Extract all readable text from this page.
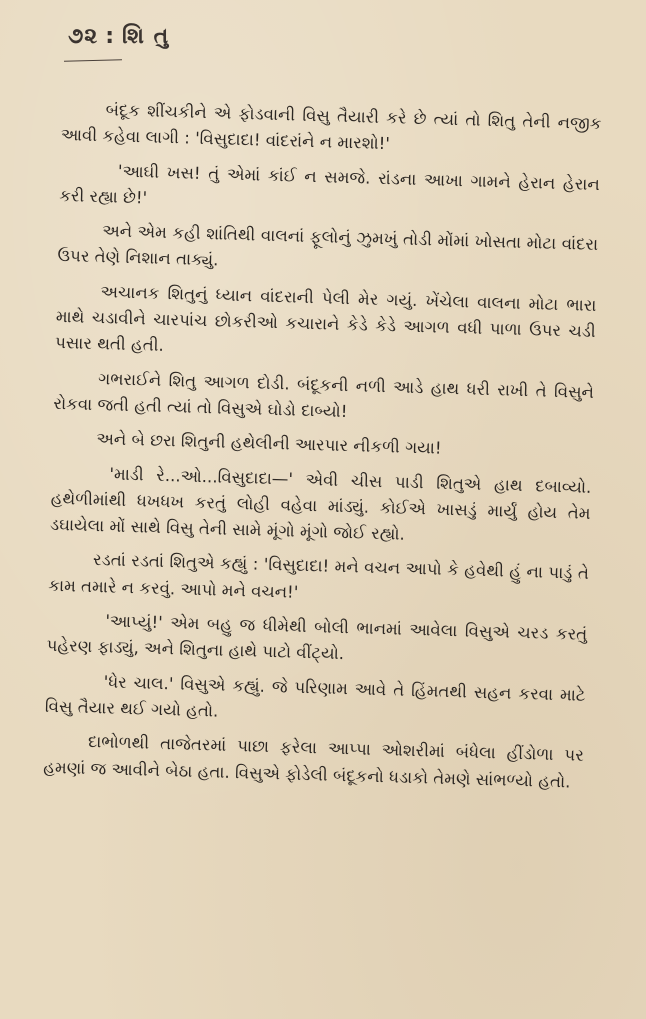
૭૨ : શિ તુ

બંદૂક શીંચકીને એ ફોડવાની વિસુ તૈયારી કરે છે ત્યાં તો શિતુ તેની નજીક આવી કહેવા લાગી : 'વિસુદાદા! વાંદરાંને ન મારશો!'

'આઘી ખસ! તું એમાં કાંઈ ન સમજે. રાંડના આખા ગામને હેરાન હેરાન કરી રહ્યા છે!'

અને એમ કહી શાંતિથી વાલનાં ફૂલોનું ઝુમખું તોડી મોંમાં ખોસતા મોટા વાંદરા ઉપર તેણે નિશાન તાક્યું.

અચાનક શિતુનું ધ્યાન વાંદરાની પેલી મેર ગયું. ખેંચેલા વાલના મોટા ભારા માથે ચડાવીને ચારપાંચ છોકરીઓ કચારાને કેડે કેડે આગળ વધી પાળા ઉપર ચડી પસાર થતી હતી.

ગભરાઈને શિતુ આગળ દોડી. બંદૂકની નળી આડે હાથ ધરી રાખી તે વિસુને રોકવા જતી હતી ત્યાં તો વિસુએ ઘોડો દાબ્યો!

અને બે છરા શિતુની હથેલીની આરપાર નીકળી ગયા!

'માડી રે...ઓ...વિસુદાદા—' એવી ચીસ પાડી શિતુએ હાથ દબાવ્યો. હથેળીમાંથી ધખધખ કરતું લોહી વહેવા માંડ્યું. કોઈએ ખાસડું માર્યું હોય તેમ ડઘાયેલા મોં સાથે વિસુ તેની સામે મૂંગો મૂંગો જોઈ રહ્યો.

રડતાં રડતાં શિતુએ કહ્યું : 'વિસુદાદા! મને વચન આપો કે હવેથી હું ના પાડું તે કામ તમારે ન કરવું. આપો મને વચન!'

'આપ્યું!' એમ બહુ જ ધીમેથી બોલી ભાનમાં આવેલા વિસુએ ચરડ કરતું પહેરણ ફાડ્યું, અને શિતુના હાથે પાટો વીંટ્યો.

'ધેર ચાલ.' વિસુએ કહ્યું. જે પરિણામ આવે તે હિંમતથી સહન કરવા માટે વિસુ તૈયાર થઈ ગયો હતો.

દાભોળથી તાજેતરમાં પાછા ફરેલા આપ્પા ઓશરીમાં બંધેલા હીંડોળા પર હમણાં જ આવીને બેઠા હતા. વિસુએ ફોડેલી બંદૂકનો ધડાકો તેમણે સાંભળ્યો હતો.
